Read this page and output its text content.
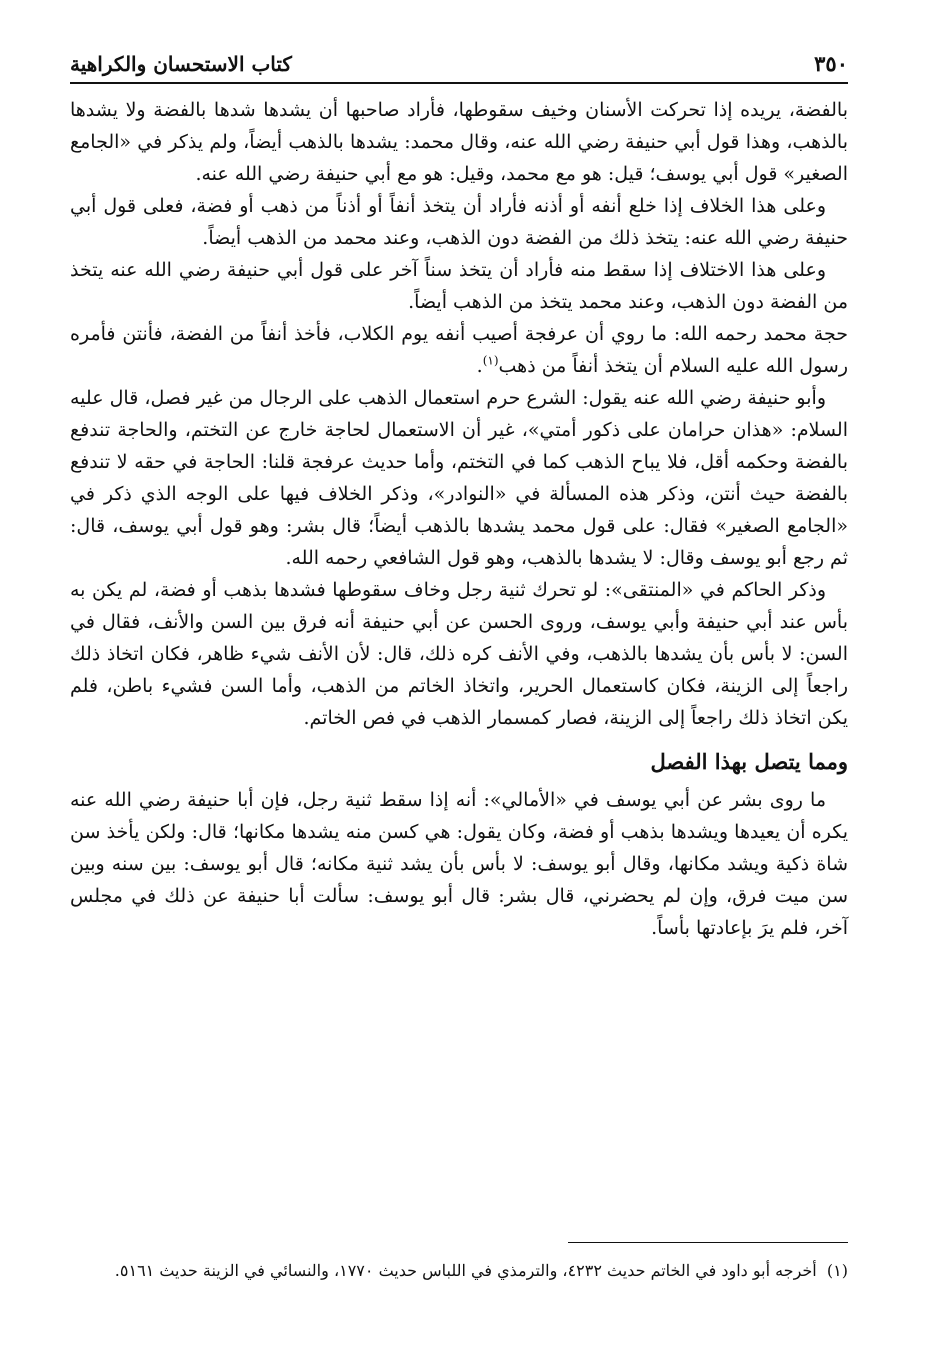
٣٥٠
كتاب الاستحسان والكراهية

بالفضة، يريده إذا تحركت الأسنان وخيف سقوطها، فأراد صاحبها أن يشدها شدها بالفضة ولا يشدها بالذهب، وهذا قول أبي حنيفة رضي الله عنه، وقال محمد: يشدها بالذهب أيضاً، ولم يذكر في «الجامع الصغير» قول أبي يوسف؛ قيل: هو مع محمد، وقيل: هو مع أبي حنيفة رضي الله عنه.

وعلى هذا الخلاف إذا خلع أنفه أو أذنه فأراد أن يتخذ أنفاً أو أذناً من ذهب أو فضة، فعلى قول أبي حنيفة رضي الله عنه: يتخذ ذلك من الفضة دون الذهب، وعند محمد من الذهب أيضاً.

وعلى هذا الاختلاف إذا سقط منه فأراد أن يتخذ سناً آخر على قول أبي حنيفة رضي الله عنه يتخذ من الفضة دون الذهب، وعند محمد يتخذ من الذهب أيضاً.

حجة محمد رحمه الله: ما روي أن عرفجة أصيب أنفه يوم الكلاب، فأخذ أنفاً من الفضة، فأنتن فأمره رسول الله عليه السلام أن يتخذ أنفاً من ذهب$^{(١)}$.

وأبو حنيفة رضي الله عنه يقول: الشرع حرم استعمال الذهب على الرجال من غير فصل، قال عليه السلام: «هذان حرامان على ذكور أمتي»، غير أن الاستعمال لحاجة خارج عن التختم، والحاجة تندفع بالفضة وحكمه أقل، فلا يباح الذهب كما في التختم، وأما حديث عرفجة قلنا: الحاجة في حقه لا تندفع بالفضة حيث أنتن، وذكر هذه المسألة في «النوادر»، وذكر الخلاف فيها على الوجه الذي ذكر في «الجامع الصغير» فقال: على قول محمد يشدها بالذهب أيضاً؛ قال بشر: وهو قول أبي يوسف، قال: ثم رجع أبو يوسف وقال: لا يشدها بالذهب، وهو قول الشافعي رحمه الله.

وذكر الحاكم في «المنتقى»: لو تحرك ثنية رجل وخاف سقوطها فشدها بذهب أو فضة، لم يكن به بأس عند أبي حنيفة وأبي يوسف، وروى الحسن عن أبي حنيفة أنه فرق بين السن والأنف، فقال في السن: لا بأس بأن يشدها بالذهب، وفي الأنف كره ذلك، قال: لأن الأنف شيء ظاهر، فكان اتخاذ ذلك راجعاً إلى الزينة، فكان كاستعمال الحرير، واتخاذ الخاتم من الذهب، وأما السن فشيء باطن، فلم يكن اتخاذ ذلك راجعاً إلى الزينة، فصار كمسمار الذهب في فص الخاتم.

ومما يتصل بهذا الفصل

ما روى بشر عن أبي يوسف في «الأمالي»: أنه إذا سقط ثنية رجل، فإن أبا حنيفة رضي الله عنه يكره أن يعيدها ويشدها بذهب أو فضة، وكان يقول: هي كسن منه يشدها مكانها؛ قال: ولكن يأخذ سن شاة ذكية ويشد مكانها، وقال أبو يوسف: لا بأس بأن يشد ثنية مكانه؛ قال أبو يوسف: بين سنه وبين سن ميت فرق، وإن لم يحضرني، قال بشر: قال أبو يوسف: سألت أبا حنيفة عن ذلك في مجلس آخر، فلم يرَ بإعادتها بأساً.

(١)  أخرجه أبو داود في الخاتم حديث ٤٢٣٢، والترمذي في اللباس حديث ١٧٧٠، والنسائي في الزينة حديث ٥١٦١.
